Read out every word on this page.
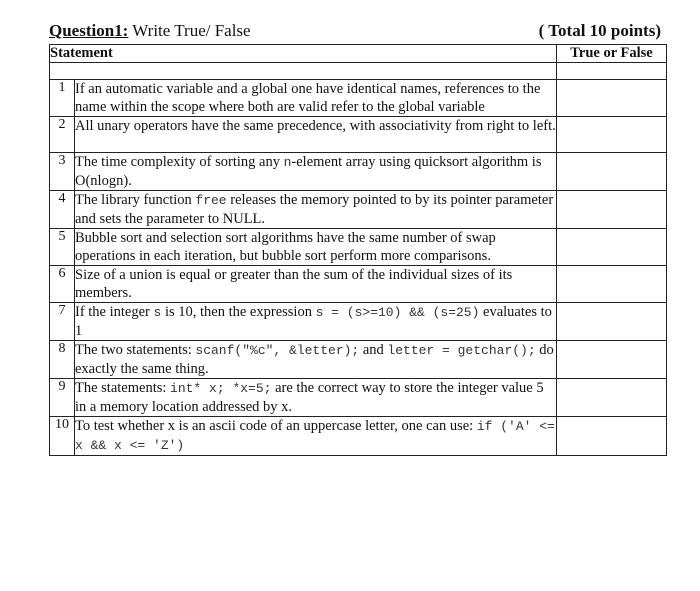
Question1: Write True/ False	( Total 10 points)
Statement		True or False

1	If an automatic variable and a global one have identical names, references to the name within the scope where both are valid refer to the global variable	
2	All unary operators have the same precedence, with associativity from right to left.	
3	The time complexity of sorting any n-element array using quicksort algorithm is O(nlogn).	
4	The library function free releases the memory pointed to by its pointer parameter and sets the parameter to NULL.	
5	Bubble sort and selection sort algorithms have the same number of swap operations in each iteration, but bubble sort perform more comparisons.	
6	Size of a union is equal or greater than the sum of the individual sizes of its members.	
7	If the integer s is 10, then the expression s = (s>=10) && (s=25) evaluates to 1	
8	The two statements: scanf("%c", &letter); and letter = getchar(); do exactly the same thing.	
9	The statements: int* x; *x=5; are the correct way to store the integer value 5 in a memory location addressed by x.	
10	To test whether x is an ascii code of an uppercase letter, one can use: if ('A' <= x && x <= 'Z')	
